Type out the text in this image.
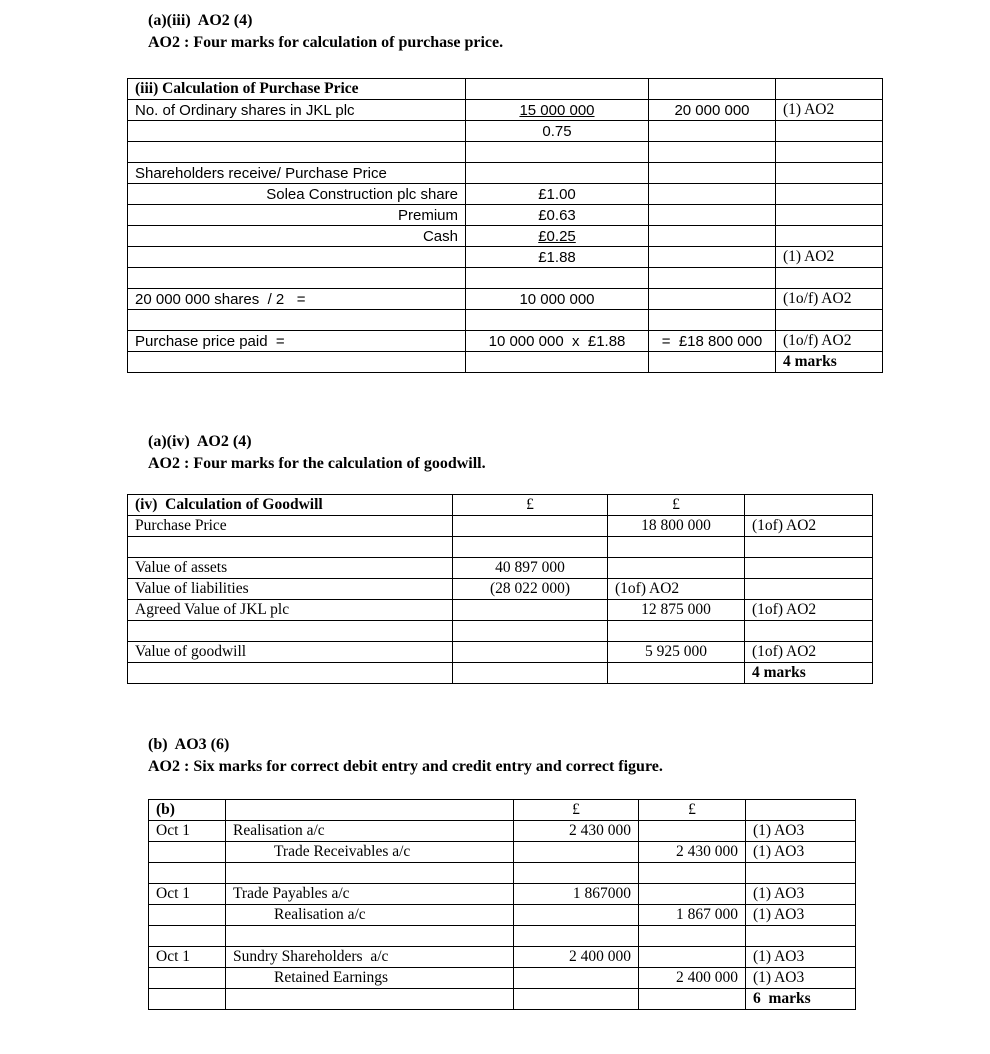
(a)(iii)  AO2 (4)
AO2 : Four marks for calculation of purchase price.
(iii) Calculation of Purchase Price			
No. of Ordinary shares in JKL plc	15 000 000	20 000 000	(1) AO2
	0.75		

Shareholders receive/ Purchase Price			
Solea Construction plc share	£1.00		
Premium	£0.63		
Cash	£0.25		
	£1.88		(1) AO2

20 000 000 shares  / 2   =	10 000 000		(1o/f) AO2

Purchase price paid  =	10 000 000  x  £1.88	=  £18 800 000	(1o/f) AO2
			4 marks
(a)(iv)  AO2 (4)
AO2 : Four marks for the calculation of goodwill.
(iv)  Calculation of Goodwill	£	£	
Purchase Price		18 800 000	(1of) AO2

Value of assets	40 897 000		
Value of liabilities	(28 022 000)	(1of) AO2	
Agreed Value of JKL plc		12 875 000	(1of) AO2

Value of goodwill		5 925 000	(1of) AO2
			4 marks
(b)  AO3 (6)
AO2 : Six marks for correct debit entry and credit entry and correct figure.
(b)		£	£	
Oct 1	Realisation a/c	2 430 000		(1) AO3
	Trade Receivables a/c		2 430 000	(1) AO3

Oct 1	Trade Payables a/c	1 867000		(1) AO3
	Realisation a/c		1 867 000	(1) AO3

Oct 1	Sundry Shareholders  a/c	2 400 000		(1) AO3
	Retained Earnings		2 400 000	(1) AO3
				6  marks
